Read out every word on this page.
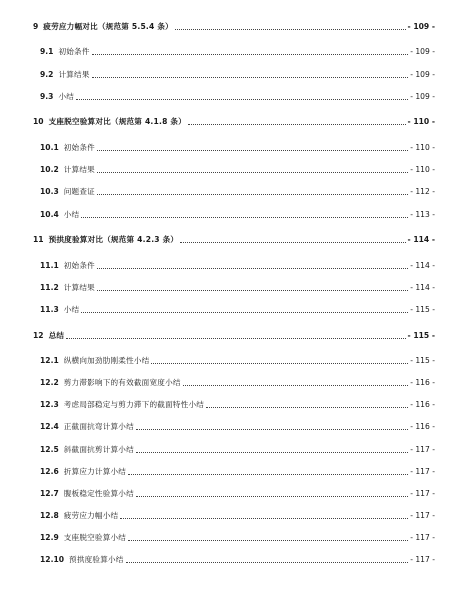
9 疲劳应力幅对比（规范第 5.5.4 条）	- 109 -
9.1 初始条件	- 109 -
9.2 计算结果	- 109 -
9.3 小结	- 109 -
10 支座脱空验算对比（规范第 4.1.8 条）	- 110 -
10.1 初始条件	- 110 -
10.2 计算结果	- 110 -
10.3 问题查证	- 112 -
10.4 小结	- 113 -
11 预拱度验算对比（规范第 4.2.3 条）	- 114 -
11.1 初始条件	- 114 -
11.2 计算结果	- 114 -
11.3 小结	- 115 -
12 总结	- 115 -
12.1 纵横向加劲肋刚柔性小结	- 115 -
12.2 剪力滞影响下的有效截面宽度小结	- 116 -
12.3 考虑局部稳定与剪力滞下的截面特性小结	- 116 -
12.4 正截面抗弯计算小结	- 116 -
12.5 斜截面抗剪计算小结	- 117 -
12.6 折算应力计算小结	- 117 -
12.7 腹板稳定性验算小结	- 117 -
12.8 疲劳应力幅小结	- 117 -
12.9 支座脱空验算小结	- 117 -
12.10 预拱度验算小结	- 117 -
